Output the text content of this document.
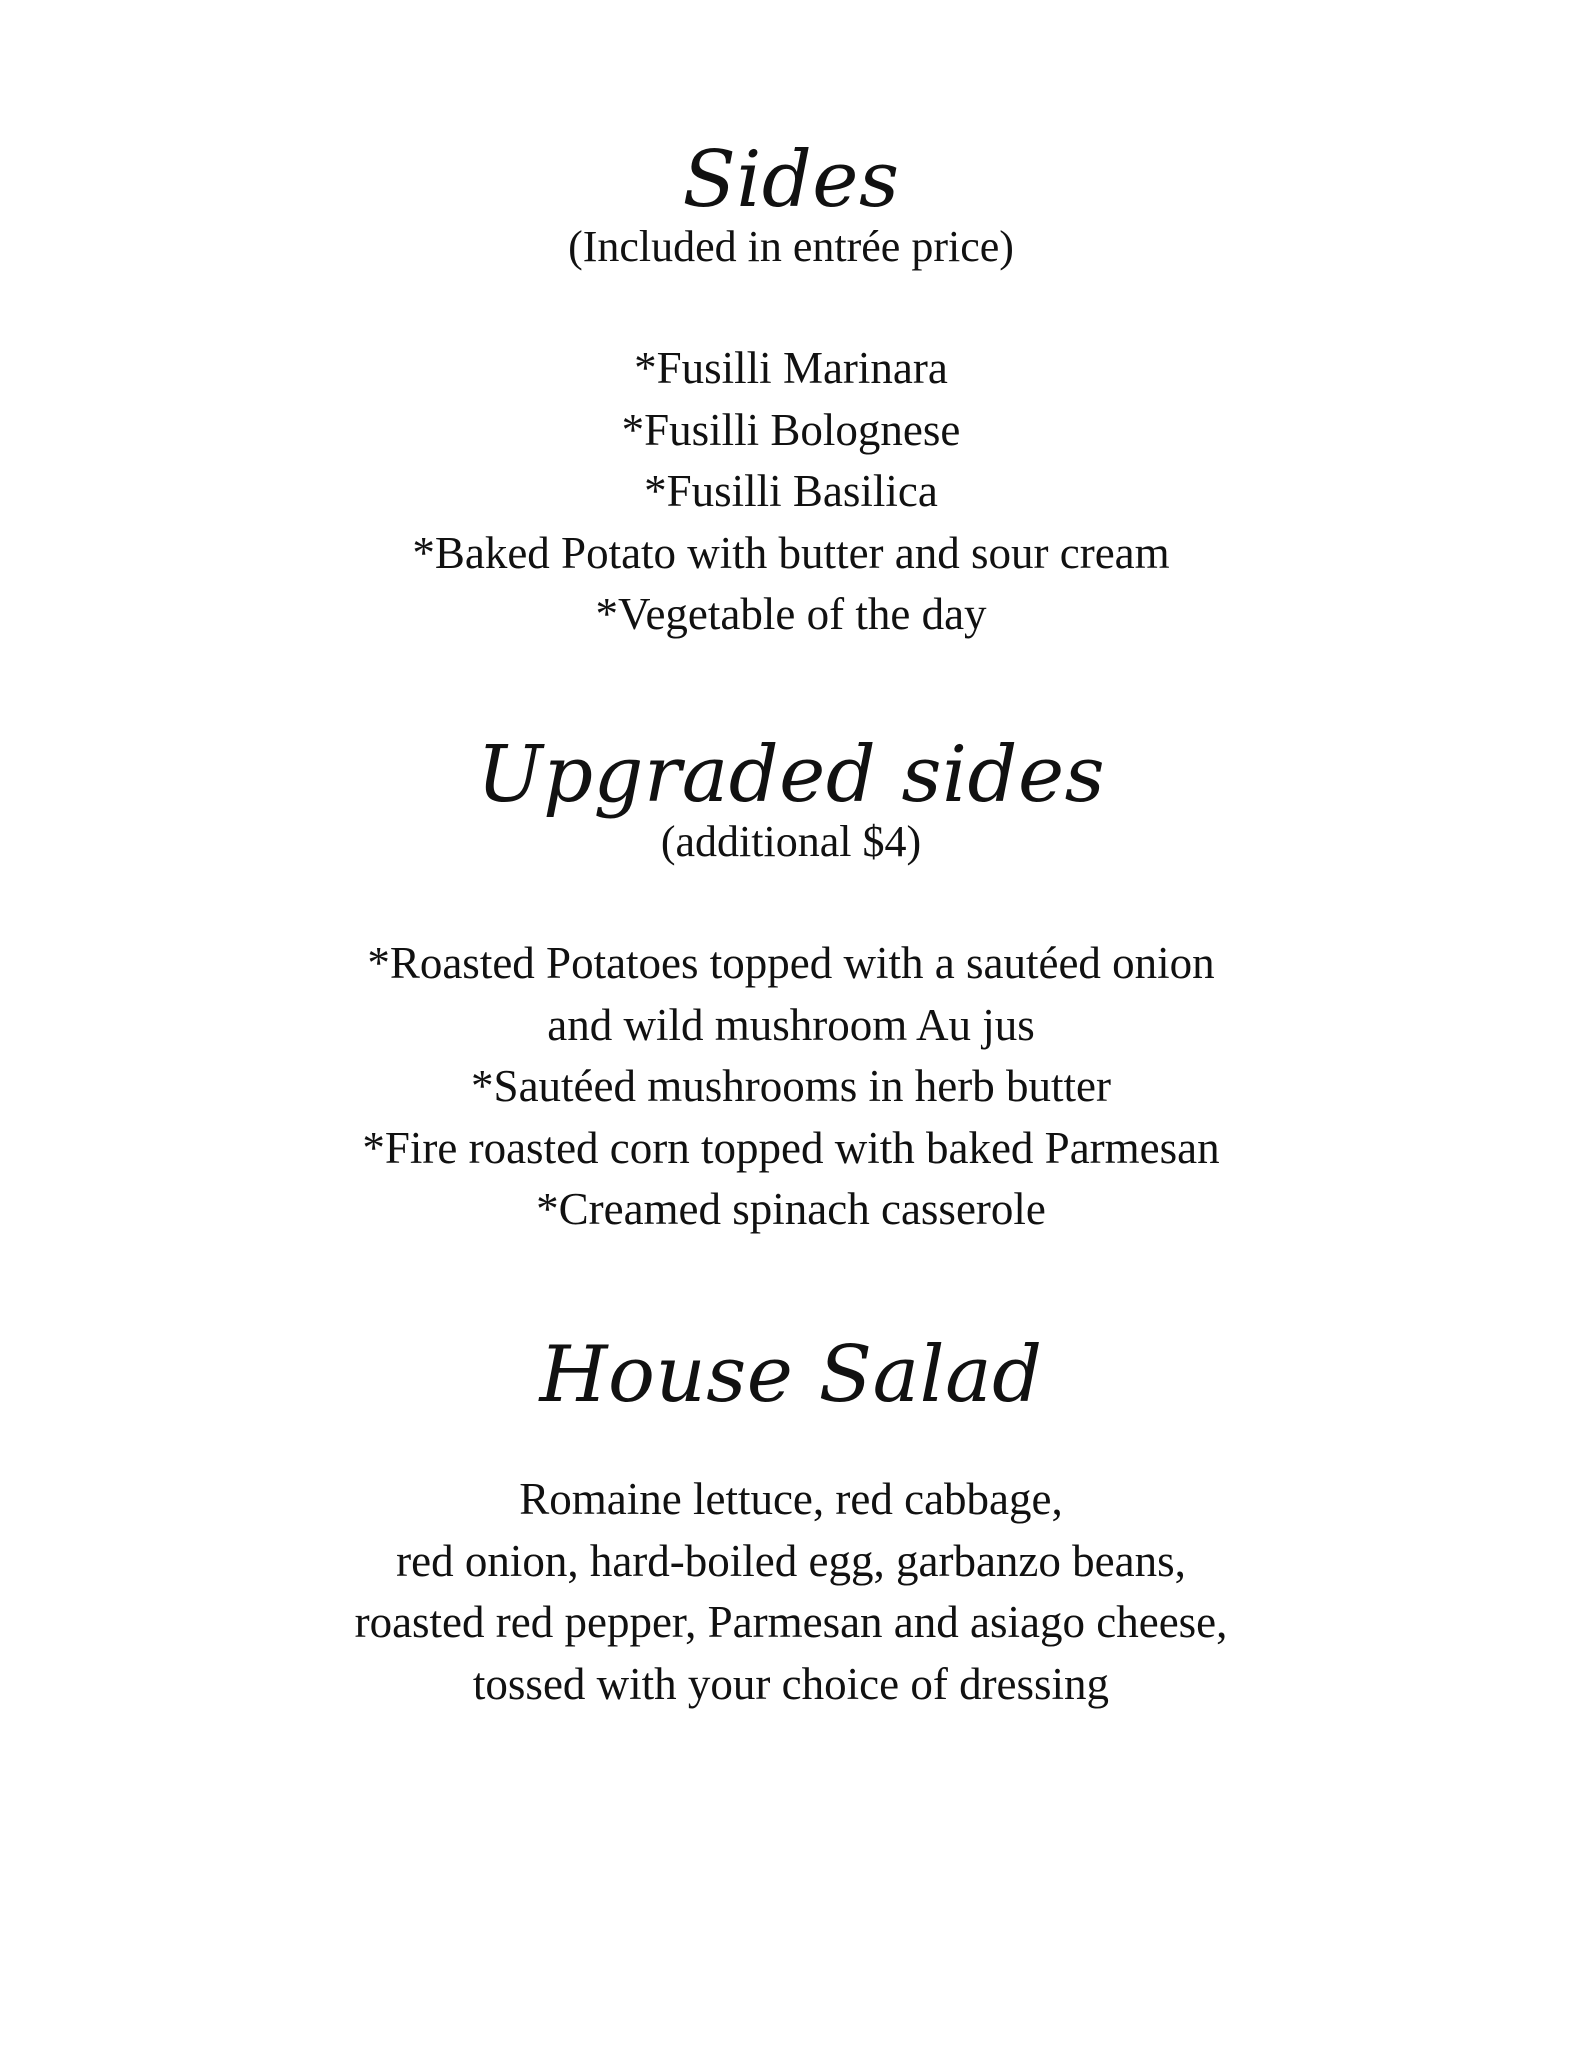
Sides

(Included in entrée price)

*Fusilli Marinara
*Fusilli Bolognese
*Fusilli Basilica
*Baked Potato with butter and sour cream
*Vegetable of the day
Upgraded sides

(additional $4)

*Roasted Potatoes topped with a sautéed onion
and wild mushroom Au jus
*Sautéed mushrooms in herb butter
*Fire roasted corn topped with baked Parmesan
*Creamed spinach casserole
House Salad
Romaine lettuce, red cabbage,
red onion, hard-boiled egg, garbanzo beans,
roasted red pepper, Parmesan and asiago cheese,
tossed with your choice of dressing
